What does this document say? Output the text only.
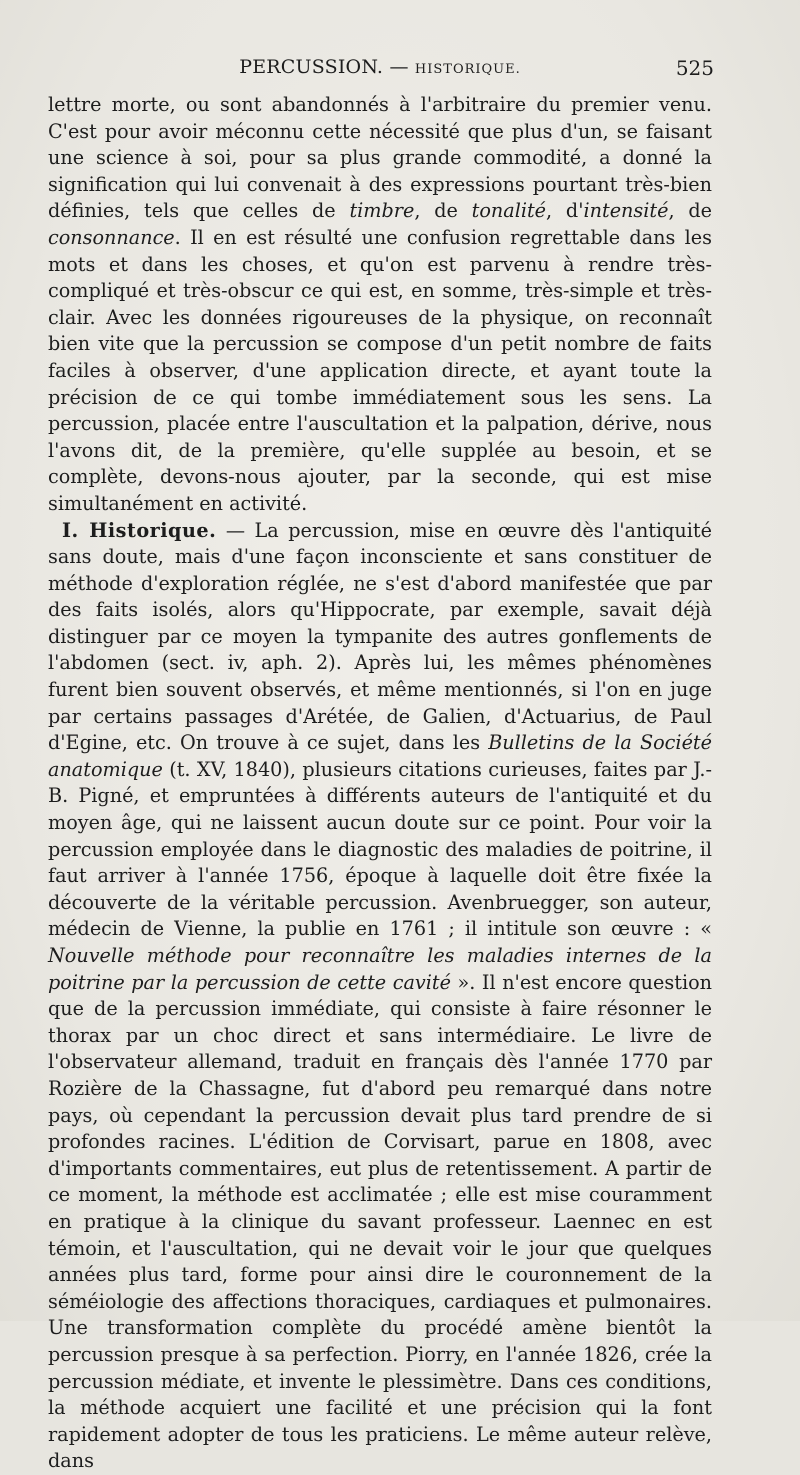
PERCUSSION. — HISTORIQUE.	525

lettre morte, ou sont abandonnés à l'arbitraire du premier venu. C'est pour avoir méconnu cette nécessité que plus d'un, se faisant une science à soi, pour sa plus grande commodité, a donné la signification qui lui convenait à des expressions pourtant très-bien définies, tels que celles de timbre, de tonalité, d'intensité, de consonnance. Il en est résulté une confusion regrettable dans les mots et dans les choses, et qu'on est parvenu à rendre très-compliqué et très-obscur ce qui est, en somme, très-simple et très-clair. Avec les données rigoureuses de la physique, on reconnaît bien vite que la percussion se compose d'un petit nombre de faits faciles à observer, d'une application directe, et ayant toute la précision de ce qui tombe immédiatement sous les sens. La percussion, placée entre l'auscultation et la palpation, dérive, nous l'avons dit, de la première, qu'elle supplée au besoin, et se complète, devons-nous ajouter, par la seconde, qui est mise simultanément en activité.

I. Historique. — La percussion, mise en œuvre dès l'antiquité sans doute, mais d'une façon inconsciente et sans constituer de méthode d'exploration réglée, ne s'est d'abord manifestée que par des faits isolés, alors qu'Hippocrate, par exemple, savait déjà distinguer par ce moyen la tympanite des autres gonflements de l'abdomen (sect. iv, aph. 2). Après lui, les mêmes phénomènes furent bien souvent observés, et même mentionnés, si l'on en juge par certains passages d'Arétée, de Galien, d'Actuarius, de Paul d'Egine, etc. On trouve à ce sujet, dans les Bulletins de la Société anatomique (t. XV, 1840), plusieurs citations curieuses, faites par J.-B. Pigné, et empruntées à différents auteurs de l'antiquité et du moyen âge, qui ne laissent aucun doute sur ce point. Pour voir la percussion employée dans le diagnostic des maladies de poitrine, il faut arriver à l'année 1756, époque à laquelle doit être fixée la découverte de la véritable percussion. Avenbruegger, son auteur, médecin de Vienne, la publie en 1761 ; il intitule son œuvre : « Nouvelle méthode pour reconnaître les maladies internes de la poitrine par la percussion de cette cavité ». Il n'est encore question que de la percussion immédiate, qui consiste à faire résonner le thorax par un choc direct et sans intermédiaire. Le livre de l'observateur allemand, traduit en français dès l'année 1770 par Rozière de la Chassagne, fut d'abord peu remarqué dans notre pays, où cependant la percussion devait plus tard prendre de si profondes racines. L'édition de Corvisart, parue en 1808, avec d'importants commentaires, eut plus de retentissement. A partir de ce moment, la méthode est acclimatée ; elle est mise couramment en pratique à la clinique du savant professeur. Laennec en est témoin, et l'auscultation, qui ne devait voir le jour que quelques années plus tard, forme pour ainsi dire le couronnement de la séméiologie des affections thoraciques, cardiaques et pulmonaires. Une transformation complète du procédé amène bientôt la percussion presque à sa perfection. Piorry, en l'année 1826, crée la percussion médiate, et invente le plessimètre. Dans ces conditions, la méthode acquiert une facilité et une précision qui la font rapidement adopter de tous les praticiens. Le même auteur relève, dans
